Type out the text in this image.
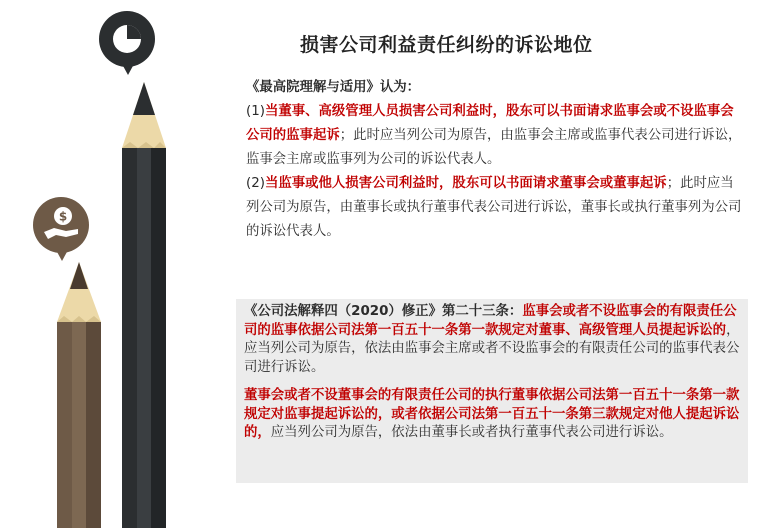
$
损害公司利益责任纠纷的诉讼地位

《最高院理解与适用》认为：

(1)当董事、高级管理人员损害公司利益时，股东可以书面请求监事会或不设监事会公司的监事起诉；此时应当列公司为原告，由监事会主席或监事代表公司进行诉讼，监事会主席或监事列为公司的诉讼代表人。

(2)当监事或他人损害公司利益时，股东可以书面请求董事会或董事起诉；此时应当列公司为原告，由董事长或执行董事代表公司进行诉讼，董事长或执行董事列为公司的诉讼代表人。

《公司法解释四（2020）修正》第二十三条：监事会或者不设监事会的有限责任公司的监事依据公司法第一百五十一条第一款规定对董事、高级管理人员提起诉讼的，应当列公司为原告，依法由监事会主席或者不设监事会的有限责任公司的监事代表公司进行诉讼。

董事会或者不设董事会的有限责任公司的执行董事依据公司法第一百五十一条第一款规定对监事提起诉讼的，或者依据公司法第一百五十一条第三款规定对他人提起诉讼的，应当列公司为原告，依法由董事长或者执行董事代表公司进行诉讼。
